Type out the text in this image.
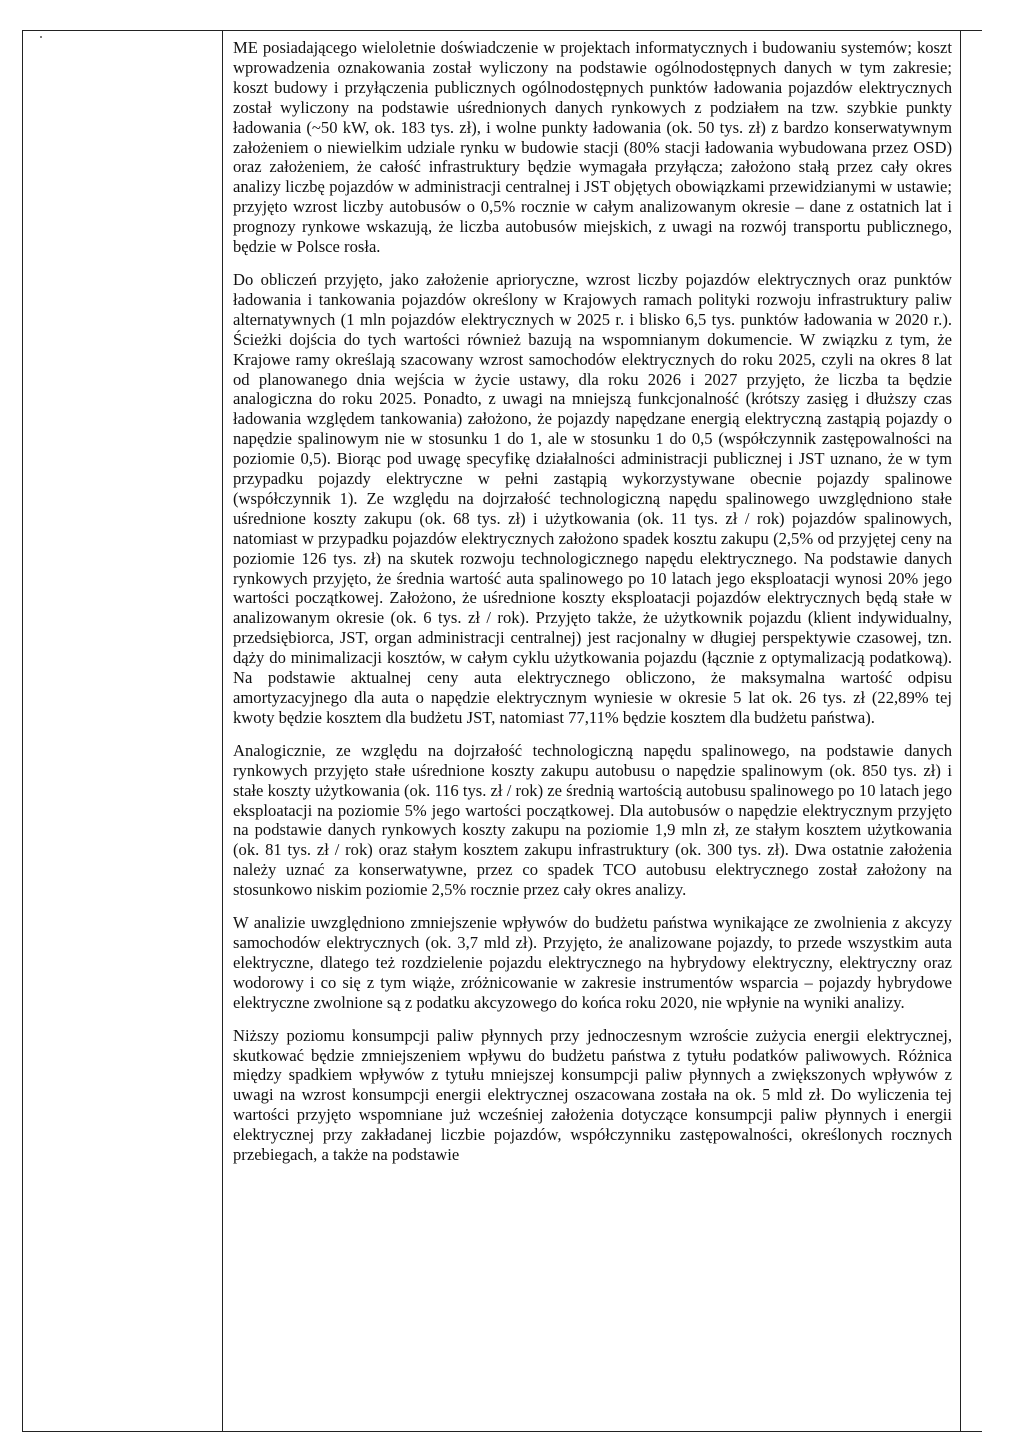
ME posiadającego wieloletnie doświadczenie w projektach informatycznych i budowaniu systemów; koszt wprowadzenia oznakowania został wyliczony na podstawie ogólnodostępnych danych w tym zakresie; koszt budowy i przyłączenia publicznych ogólnodostępnych punktów ładowania pojazdów elektrycznych został wyliczony na podstawie uśrednionych danych rynkowych z podziałem na tzw. szybkie punkty ładowania (~50 kW, ok. 183 tys. zł), i wolne punkty ładowania (ok. 50 tys. zł) z bardzo konserwatywnym założeniem o niewielkim udziale rynku w budowie stacji (80% stacji ładowania wybudowana przez OSD) oraz założeniem, że całość infrastruktury będzie wymagała przyłącza; założono stałą przez cały okres analizy liczbę pojazdów w administracji centralnej i JST objętych obowiązkami przewidzianymi w ustawie; przyjęto wzrost liczby autobusów o 0,5% rocznie w całym analizowanym okresie – dane z ostatnich lat i prognozy rynkowe wskazują, że liczba autobusów miejskich, z uwagi na rozwój transportu publicznego, będzie w Polsce rosła.

Do obliczeń przyjęto, jako założenie aprioryczne, wzrost liczby pojazdów elektrycznych oraz punktów ładowania i tankowania pojazdów określony w Krajowych ramach polityki rozwoju infrastruktury paliw alternatywnych (1 mln pojazdów elektrycznych w 2025 r. i blisko 6,5 tys. punktów ładowania w 2020 r.). Ścieżki dojścia do tych wartości również bazują na wspomnianym dokumencie. W związku z tym, że Krajowe ramy określają szacowany wzrost samochodów elektrycznych do roku 2025, czyli na okres 8 lat od planowanego dnia wejścia w życie ustawy, dla roku 2026 i 2027 przyjęto, że liczba ta będzie analogiczna do roku 2025. Ponadto, z uwagi na mniejszą funkcjonalność (krótszy zasięg i dłuższy czas ładowania względem tankowania) założono, że pojazdy napędzane energią elektryczną zastąpią pojazdy o napędzie spalinowym nie w stosunku 1 do 1, ale w stosunku 1 do 0,5 (współczynnik zastępowalności na poziomie 0,5). Biorąc pod uwagę specyfikę działalności administracji publicznej i JST uznano, że w tym przypadku pojazdy elektryczne w pełni zastąpią wykorzystywane obecnie pojazdy spalinowe (współczynnik 1). Ze względu na dojrzałość technologiczną napędu spalinowego uwzględniono stałe uśrednione koszty zakupu (ok. 68 tys. zł) i użytkowania (ok. 11 tys. zł / rok) pojazdów spalinowych, natomiast w przypadku pojazdów elektrycznych założono spadek kosztu zakupu (2,5% od przyjętej ceny na poziomie 126 tys. zł) na skutek rozwoju technologicznego napędu elektrycznego. Na podstawie danych rynkowych przyjęto, że średnia wartość auta spalinowego po 10 latach jego eksploatacji wynosi 20% jego wartości początkowej. Założono, że uśrednione koszty eksploatacji pojazdów elektrycznych będą stałe w analizowanym okresie (ok. 6 tys. zł / rok). Przyjęto także, że użytkownik pojazdu (klient indywidualny, przedsiębiorca, JST, organ administracji centralnej) jest racjonalny w długiej perspektywie czasowej, tzn. dąży do minimalizacji kosztów, w całym cyklu użytkowania pojazdu (łącznie z optymalizacją podatkową). Na podstawie aktualnej ceny auta elektrycznego obliczono, że maksymalna wartość odpisu amortyzacyjnego dla auta o napędzie elektrycznym wyniesie w okresie 5 lat ok. 26 tys. zł (22,89% tej kwoty będzie kosztem dla budżetu JST, natomiast 77,11% będzie kosztem dla budżetu państwa).

Analogicznie, ze względu na dojrzałość technologiczną napędu spalinowego, na podstawie danych rynkowych przyjęto stałe uśrednione koszty zakupu autobusu o napędzie spalinowym (ok. 850 tys. zł) i stałe koszty użytkowania (ok. 116 tys. zł / rok) ze średnią wartością autobusu spalinowego po 10 latach jego eksploatacji na poziomie 5% jego wartości początkowej. Dla autobusów o napędzie elektrycznym przyjęto na podstawie danych rynkowych koszty zakupu na poziomie 1,9 mln zł, ze stałym kosztem użytkowania (ok. 81 tys. zł / rok) oraz stałym kosztem zakupu infrastruktury (ok. 300 tys. zł). Dwa ostatnie założenia należy uznać za konserwatywne, przez co spadek TCO autobusu elektrycznego został założony na stosunkowo niskim poziomie 2,5% rocznie przez cały okres analizy.

W analizie uwzględniono zmniejszenie wpływów do budżetu państwa wynikające ze zwolnienia z akcyzy samochodów elektrycznych (ok. 3,7 mld zł). Przyjęto, że analizowane pojazdy, to przede wszystkim auta elektryczne, dlatego też rozdzielenie pojazdu elektrycznego na hybrydowy elektryczny, elektryczny oraz wodorowy i co się z tym wiąże, zróżnicowanie w zakresie instrumentów wsparcia – pojazdy hybrydowe elektryczne zwolnione są z podatku akcyzowego do końca roku 2020, nie wpłynie na wyniki analizy.

Niższy poziomu konsumpcji paliw płynnych przy jednoczesnym wzroście zużycia energii elektrycznej, skutkować będzie zmniejszeniem wpływu do budżetu państwa z tytułu podatków paliwowych. Różnica między spadkiem wpływów z tytułu mniejszej konsumpcji paliw płynnych a zwiększonych wpływów z uwagi na wzrost konsumpcji energii elektrycznej oszacowana została na ok. 5 mld zł. Do wyliczenia tej wartości przyjęto wspomniane już wcześniej założenia dotyczące konsumpcji paliw płynnych i energii elektrycznej przy zakładanej liczbie pojazdów, współczynniku zastępowalności, określonych rocznych przebiegach, a także na podstawie
